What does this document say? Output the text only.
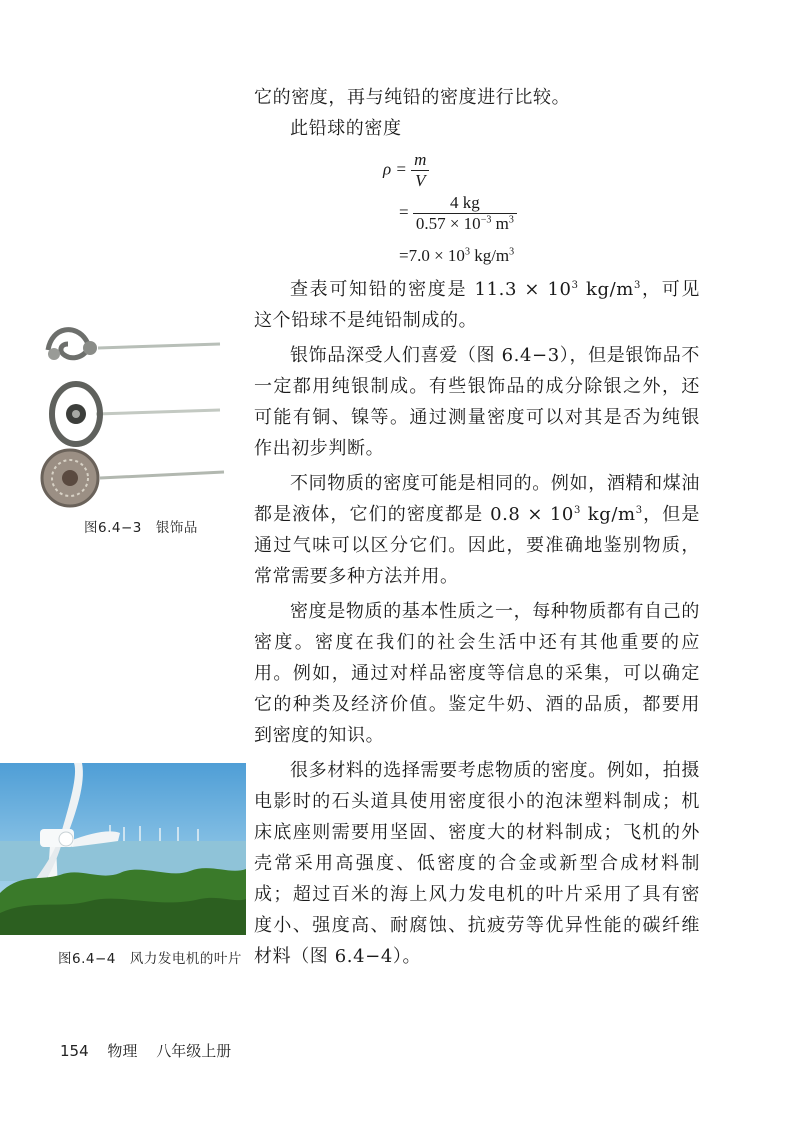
它的密度，再与纯铅的密度进行比较。

此铅球的密度

$\rho = \frac{m}{V}$
= $\frac{4 kg}{0.57 \times 10^{-3} m^3}$
$=7.0 \times 10^3$ $kg/m^3$

查表可知铅的密度是 $11.3 \times 10^3$ $kg/m^3$，可见这个铅球不是纯铅制成的。

银饰品深受人们喜爱（图 6.4−3），但是银饰品不一定都用纯银制成。有些银饰品的成分除银之外，还可能有铜、镍等。通过测量密度可以对其是否为纯银作出初步判断。

不同物质的密度可能是相同的。例如，酒精和煤油都是液体，它们的密度都是 $0.8 \times 10^3$ $kg/m^3$，但是通过气味可以区分它们。因此，要准确地鉴别物质，常常需要多种方法并用。

密度是物质的基本性质之一，每种物质都有自己的密度。密度在我们的社会生活中还有其他重要的应用。例如，通过对样品密度等信息的采集，可以确定它的种类及经济价值。鉴定牛奶、酒的品质，都要用到密度的知识。

很多材料的选择需要考虑物质的密度。例如，拍摄电影时的石头道具使用密度很小的泡沫塑料制成；机床底座则需要用坚固、密度大的材料制成；飞机的外壳常采用高强度、低密度的合金或新型合成材料制成；超过百米的海上风力发电机的叶片采用了具有密度小、强度高、耐腐蚀、抗疲劳等优异性能的碳纤维材料（图 6.4−4）。

图6.4−3　银饰品
图6.4−4　风力发电机的叶片
154 物理 八年级上册
